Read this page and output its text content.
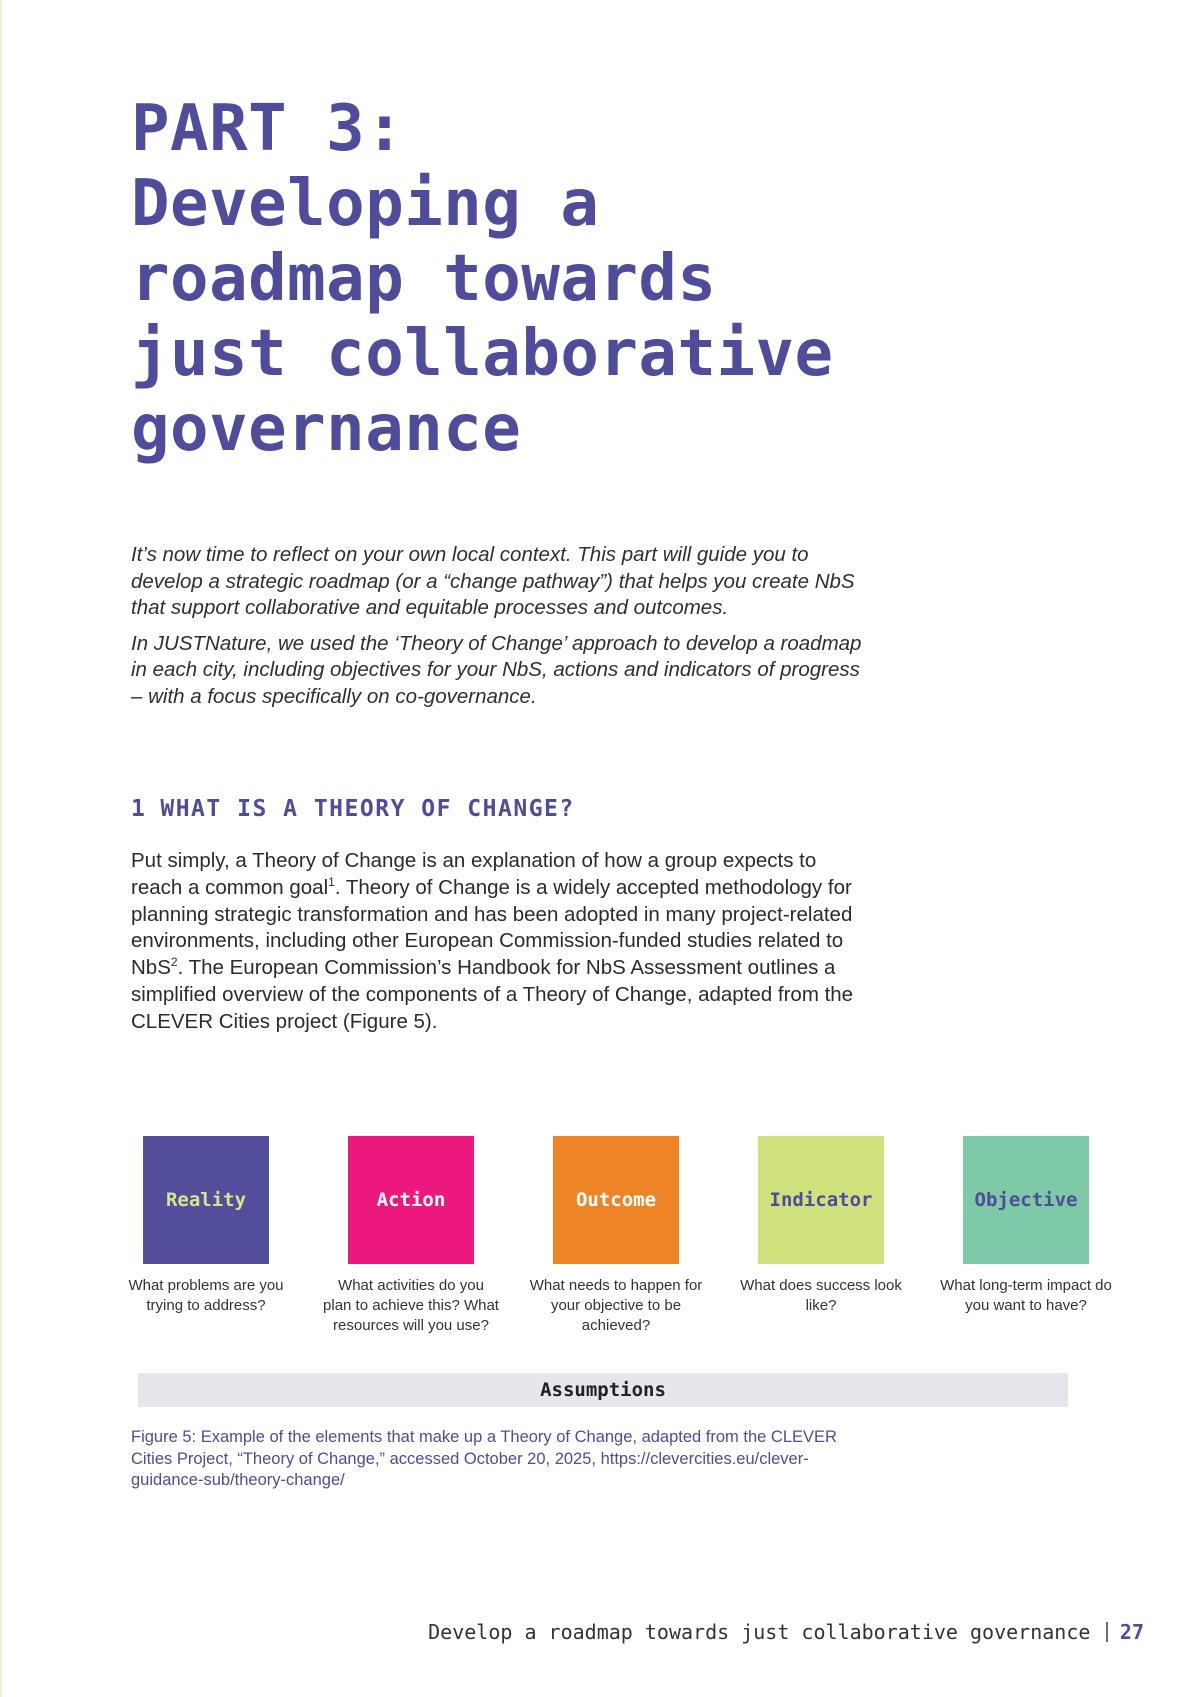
PART 3:
Developing a
roadmap towards
just collaborative
governance

It’s now time to reflect on your own local context. This part will guide you to develop a strategic roadmap (or a “change pathway”) that helps you create NbS that support collaborative and equitable processes and outcomes.

In JUSTNature, we used the ‘Theory of Change’ approach to develop a roadmap in each city, including objectives for your NbS, actions and indicators of progress – with a focus specifically on co-governance.

1 WHAT IS A THEORY OF CHANGE?

Put simply, a Theory of Change is an explanation of how a group expects to reach a common goal$^1$. Theory of Change is a widely accepted methodology for planning strategic transformation and has been adopted in many project-related environments, including other European Commission-funded studies related to NbS$^2$. The European Commission’s Handbook for NbS Assessment outlines a simplified overview of the components of a Theory of Change, adapted from the CLEVER Cities project (Figure 5).

Reality
What problems are you trying to address?
Action
What activities do you plan to achieve this? What resources will you use?
Outcome
What needs to happen for your objective to be achieved?
Indicator
What does success look like?
Objective
What long-term impact do you want to have?
Assumptions

Figure 5: Example of the elements that make up a Theory of Change, adapted from the CLEVER Cities Project, “Theory of Change,” accessed October 20, 2025, https://clevercities.eu/clever-guidance-sub/theory-change/

Develop a roadmap towards just collaborative governance 27
